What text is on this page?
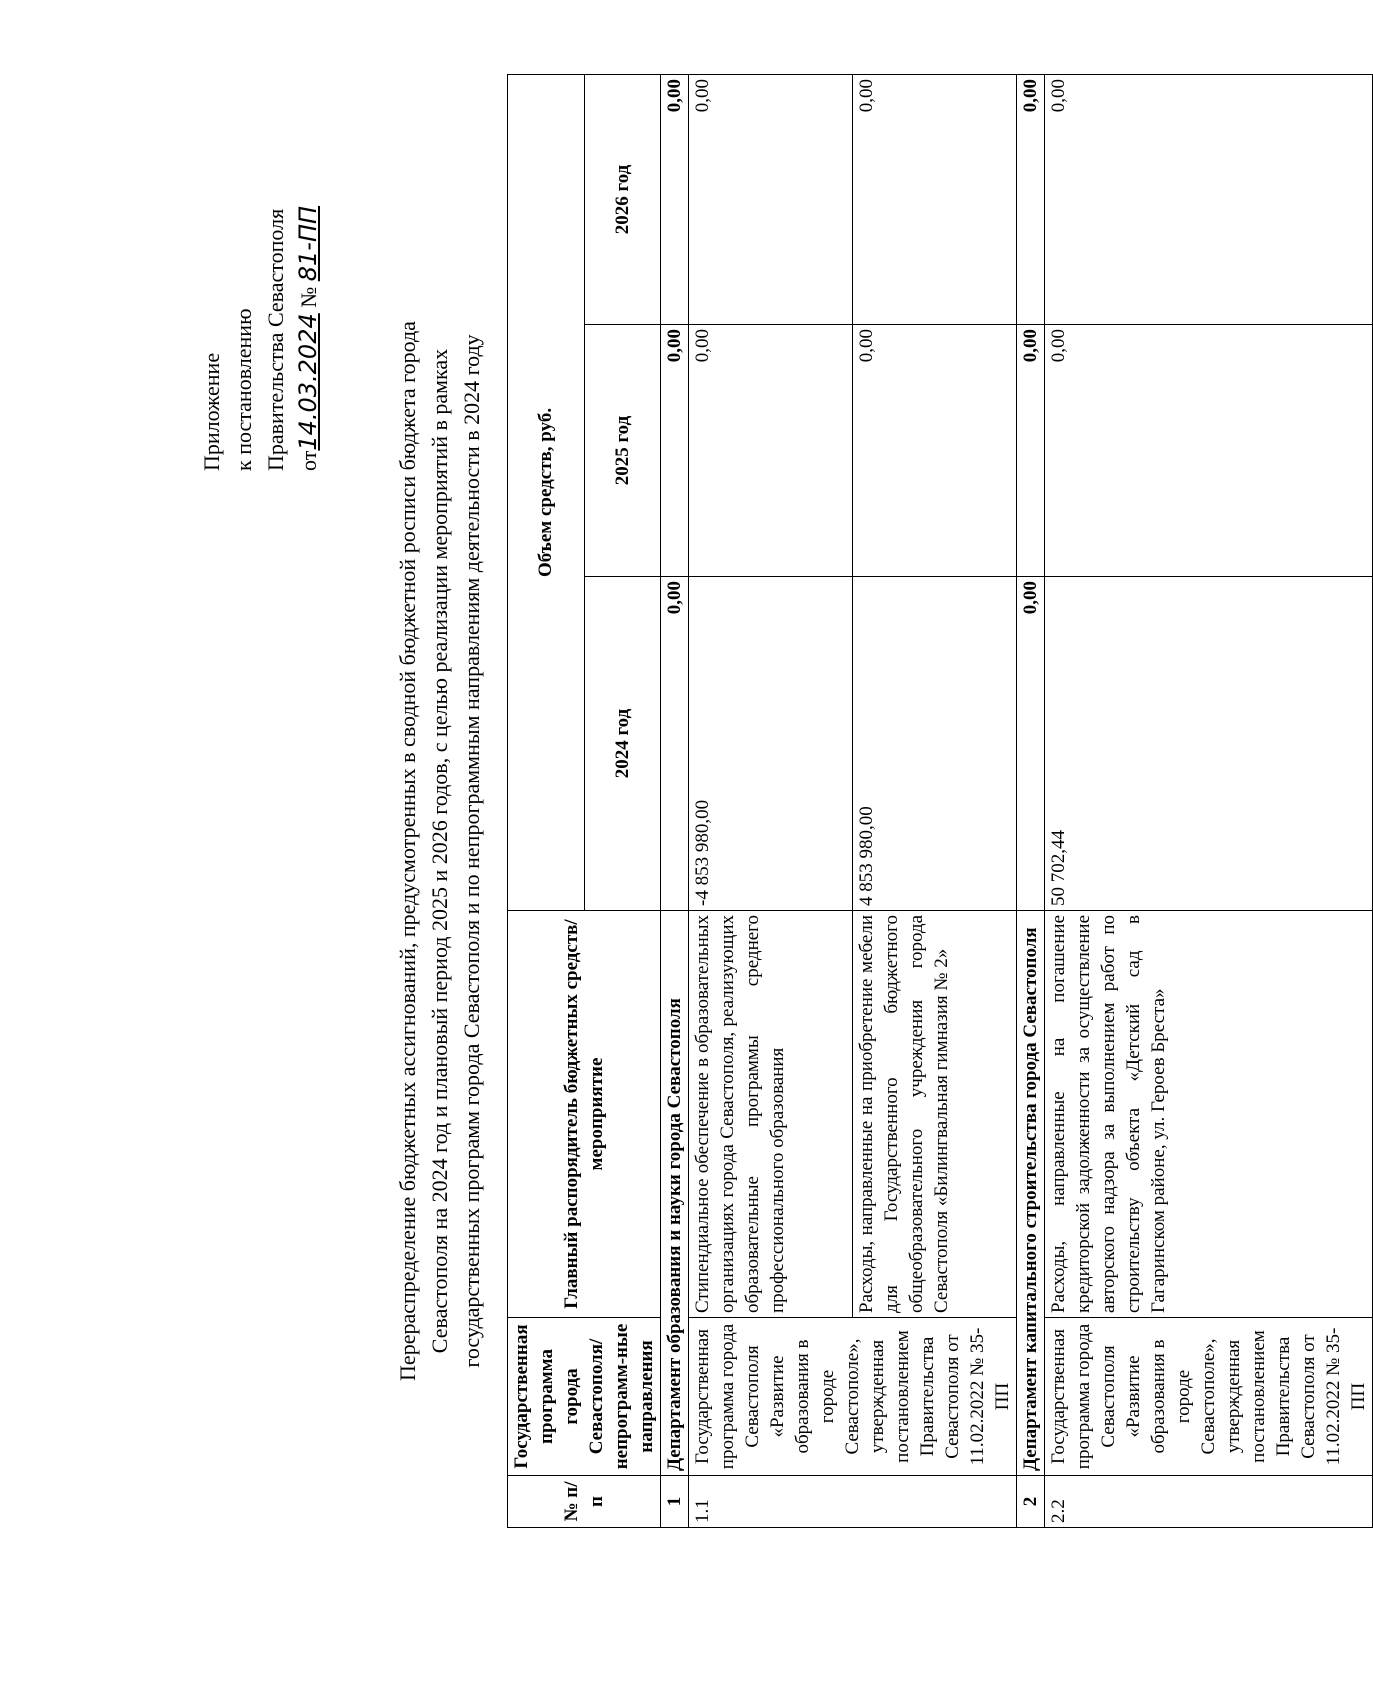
Приложение к постановлению Правительства Севастополя от14.03.2024 № 81-ПП
Перераспределение бюджетных ассигнований, предусмотренных в сводной бюджетной росписи бюджета города Севастополя на 2024 год и плановый период 2025 и 2026 годов, с целью реализации мероприятий в рамках государственных программ города Севастополя и по непрограммным направлениям деятельности в 2024 году
№ п/п	Государственная программа города Севастополя/непрограмм-ные направления	Главный распорядитель бюджетных средств/мероприятие	Объем средств, руб.		
			2024 год	2025 год	2026 год
1	Департамент образования и науки города Севастополя		0,00	0,00	0,00
1.1	Государственная программа города Севастополя «Развитие образования в городе Севастополе», утвержденная постановлением Правительства Севастополя от 11.02.2022 № 35-ПП	Стипендиальное обеспечение в образовательных организациях города Севастополя, реализующих образовательные программы среднего профессионального образования	-4 853 980,00	0,00	0,00
		Расходы, направленные на приобретение мебели для Государственного бюджетного общеобразовательного учреждения города Севастополя «Билингвальная гимназия № 2»	4 853 980,00	0,00	0,00
2	Департамент капитального строительства города Севастополя		0,00	0,00	0,00
2.2	Государственная программа города Севастополя «Развитие образования в городе Севастополе», утвержденная постановлением Правительства Севастополя от 11.02.2022 № 35-ПП	Расходы, направленные на погашение кредиторской задолженности за осуществление авторского надзора за выполнением работ по строительству объекта «Детский сад в Гагаринском районе, ул. Героев Бреста»	50 702,44	0,00	0,00
